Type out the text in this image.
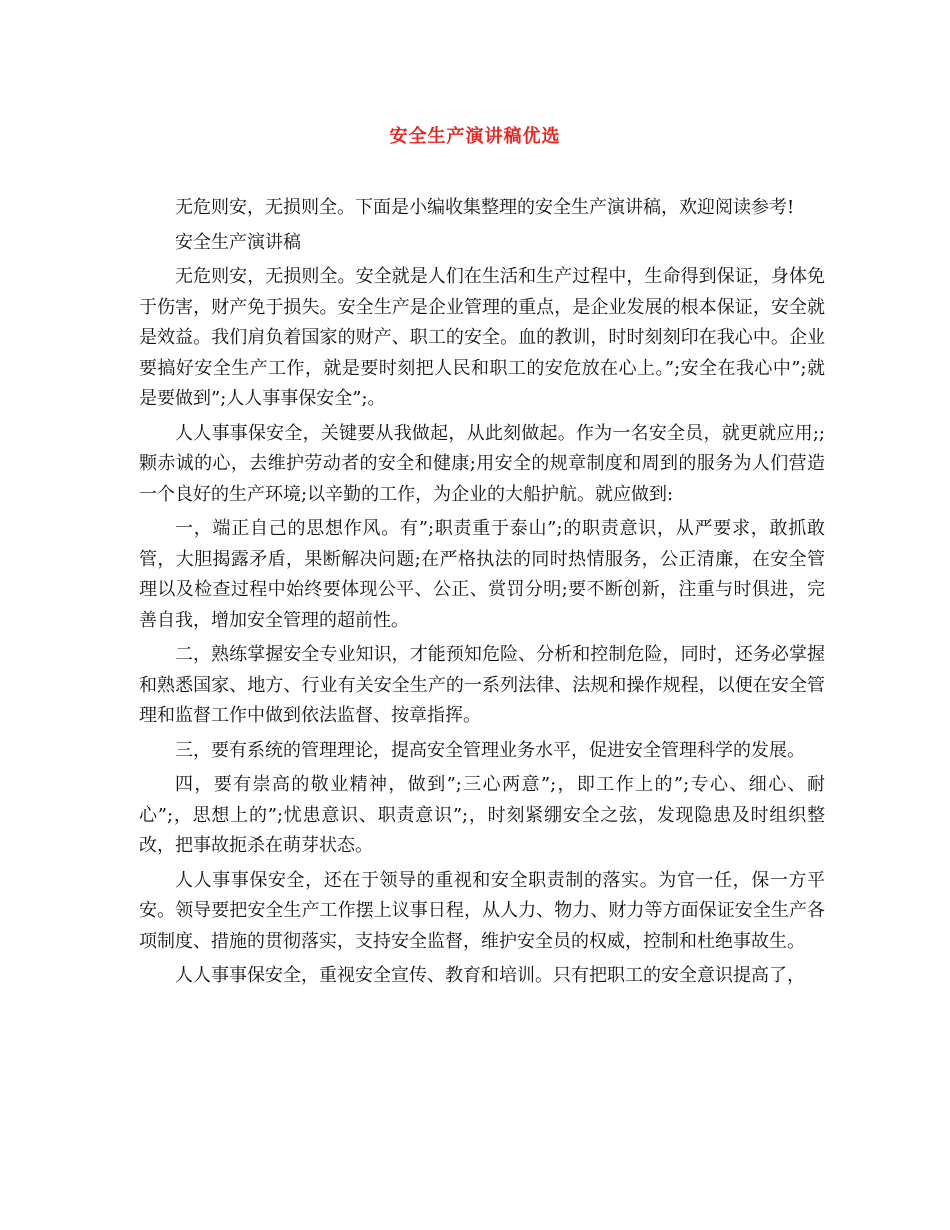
安全生产演讲稿优选

无危则安，无损则全。下面是小编收集整理的安全生产演讲稿，欢迎阅读参考!

安全生产演讲稿

无危则安，无损则全。安全就是人们在生活和生产过程中，生命得到保证，身体免于伤害，财产免于损失。安全生产是企业管理的重点，是企业发展的根本保证，安全就是效益。我们肩负着国家的财产、职工的安全。血的教训，时时刻刻印在我心中。企业要搞好安全生产工作，就是要时刻把人民和职工的安危放在心上。”;安全在我心中”;就是要做到”;人人事事保安全”;。

人人事事保安全，关键要从我做起，从此刻做起。作为一名安全员，就更就应用;;颗赤诚的心，去维护劳动者的安全和健康;用安全的规章制度和周到的服务为人们营造一个良好的生产环境;以辛勤的工作，为企业的大船护航。就应做到:

一，端正自己的思想作风。有”;职责重于泰山”;的职责意识，从严要求，敢抓敢管，大胆揭露矛盾，果断解决问题;在严格执法的同时热情服务，公正清廉，在安全管理以及检查过程中始终要体现公平、公正、赏罚分明;要不断创新，注重与时俱进，完善自我，增加安全管理的超前性。

二，熟练掌握安全专业知识，才能预知危险、分析和控制危险，同时，还务必掌握和熟悉国家、地方、行业有关安全生产的一系列法律、法规和操作规程，以便在安全管理和监督工作中做到依法监督、按章指挥。

三，要有系统的管理理论，提高安全管理业务水平，促进安全管理科学的发展。

四，要有崇高的敬业精神，做到”;三心两意”;，即工作上的”;专心、细心、耐心”;，思想上的”;忧患意识、职责意识”;，时刻紧绷安全之弦，发现隐患及时组织整改，把事故扼杀在萌芽状态。

人人事事保安全，还在于领导的重视和安全职责制的落实。为官一任，保一方平安。领导要把安全生产工作摆上议事日程，从人力、物力、财力等方面保证安全生产各项制度、措施的贯彻落实，支持安全监督，维护安全员的权威，控制和杜绝事故生。

人人事事保安全，重视安全宣传、教育和培训。只有把职工的安全意识提高了，
